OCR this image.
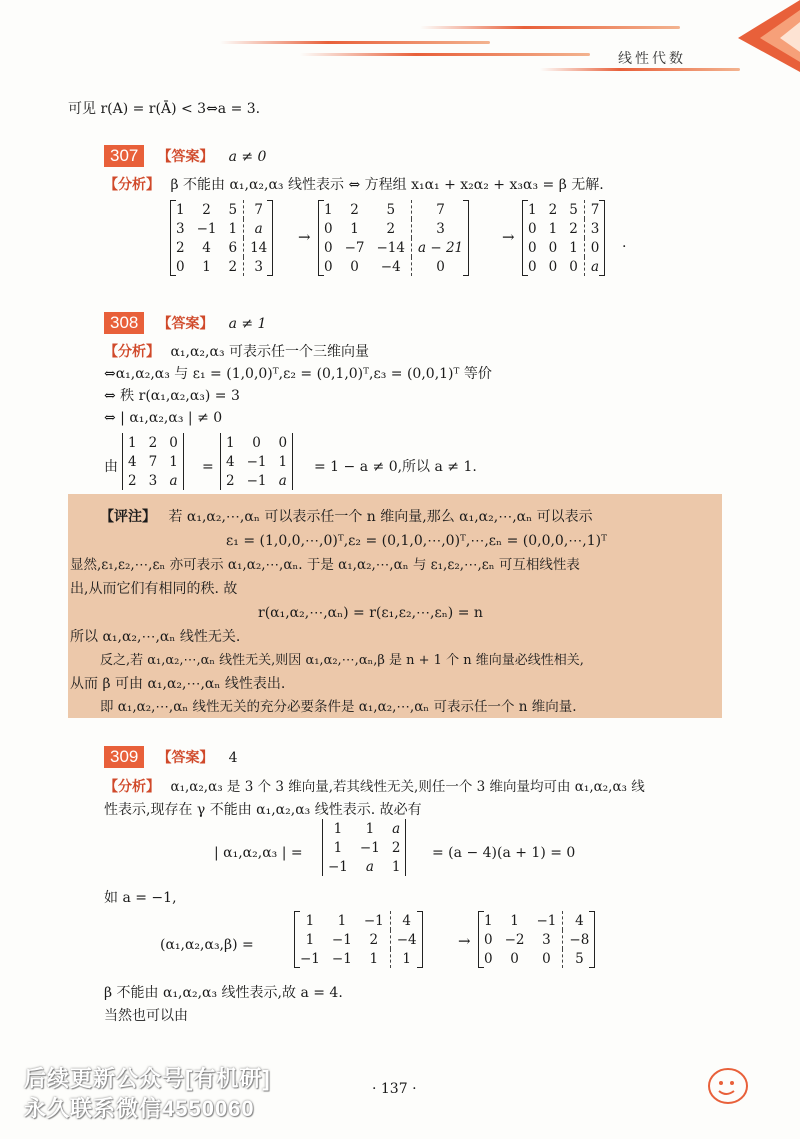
线性代数
可见 r(A) = r(Ā) < 3⇔a = 3.
307 【答案】 a ≠ 0
【分析】 β 不能由 α₁,α₂,α₃ 线性表示 ⇔ 方程组 x₁α₁ + x₂α₂ + x₃α₃ = β 无解.
1	2	5	7
3	−1	1	a
2	4	6	14
0	1	2	3
→
1	2	5	7
0	1	2	3
0	−7	−14	a − 21
0	0	−4	0
→
1	2	5	7
0	1	2	3
0	0	1	0
0	0	0	a
.
308 【答案】 a ≠ 1
【分析】 α₁,α₂,α₃ 可表示任一个三维向量
⇔α₁,α₂,α₃ 与 ε₁ = (1,0,0)ᵀ,ε₂ = (0,1,0)ᵀ,ε₃ = (0,0,1)ᵀ 等价
⇔ 秩 r(α₁,α₂,α₃) = 3
⇔ | α₁,α₂,α₃ | ≠ 0
由
1	2	0
4	7	1
2	3	a
=
1	0	0
4	−1	1
2	−1	a
= 1 − a ≠ 0,所以 a ≠ 1.
【评注】 若 α₁,α₂,⋯,αₙ 可以表示任一个 n 维向量,那么 α₁,α₂,⋯,αₙ 可以表示
ε₁ = (1,0,0,⋯,0)ᵀ,ε₂ = (0,1,0,⋯,0)ᵀ,⋯,εₙ = (0,0,0,⋯,1)ᵀ
显然,ε₁,ε₂,⋯,εₙ 亦可表示 α₁,α₂,⋯,αₙ. 于是 α₁,α₂,⋯,αₙ 与 ε₁,ε₂,⋯,εₙ 可互相线性表
出,从而它们有相同的秩. 故
r(α₁,α₂,⋯,αₙ) = r(ε₁,ε₂,⋯,εₙ) = n
所以 α₁,α₂,⋯,αₙ 线性无关.
反之,若 α₁,α₂,⋯,αₙ 线性无关,则因 α₁,α₂,⋯,αₙ,β 是 n + 1 个 n 维向量必线性相关,
从而 β 可由 α₁,α₂,⋯,αₙ 线性表出.
即 α₁,α₂,⋯,αₙ 线性无关的充分必要条件是 α₁,α₂,⋯,αₙ 可表示任一个 n 维向量.
309 【答案】 4
【分析】 α₁,α₂,α₃ 是 3 个 3 维向量,若其线性无关,则任一个 3 维向量均可由 α₁,α₂,α₃ 线
性表示,现存在 γ 不能由 α₁,α₂,α₃ 线性表示. 故必有
| α₁,α₂,α₃ | =
1	1	a
1	−1	2
−1	a	1
= (a − 4)(a + 1) = 0
如 a = −1,
(α₁,α₂,α₃,β) =
1	1	−1	4
1	−1	2	−4
−1	−1	1	1
→
1	1	−1	4
0	−2	3	−8
0	0	0	5
β 不能由 α₁,α₂,α₃ 线性表示,故 a = 4.
当然也可以由
· 137 ·
后续更新公众号[有机研]
永久联系微信4550060
